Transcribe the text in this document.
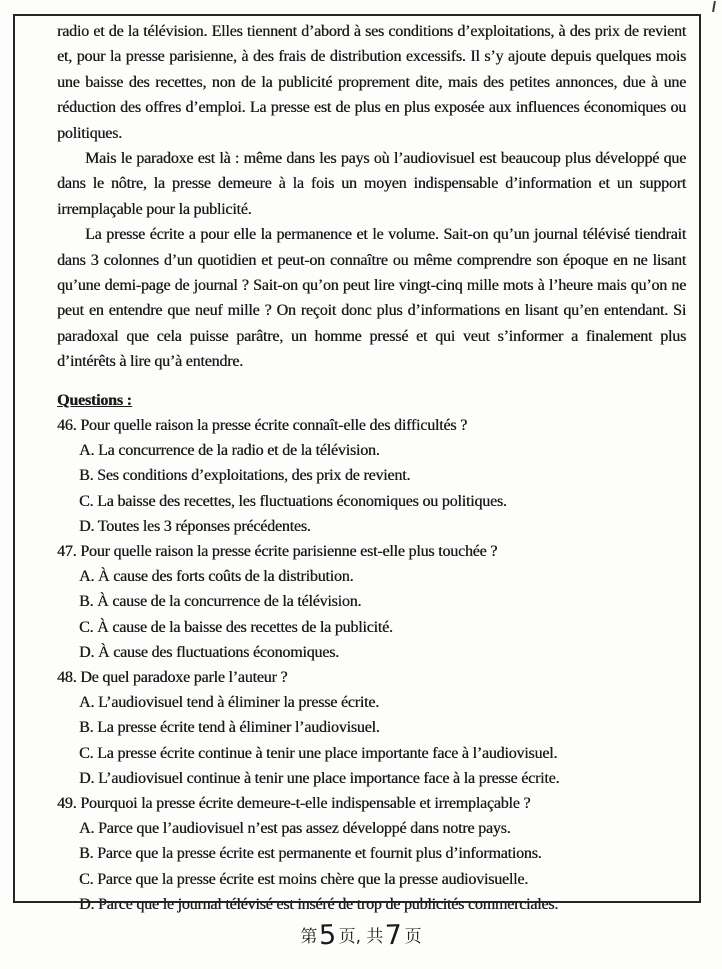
radio et de la télévision. Elles tiennent d’abord à ses conditions d’exploitations, à des prix de revient et, pour la presse parisienne, à des frais de distribution excessifs. Il s’y ajoute depuis quelques mois une baisse des recettes, non de la publicité proprement dite, mais des petites annonces, due à une réduction des offres d’emploi. La presse est de plus en plus exposée aux influences économiques ou politiques.

Mais le paradoxe est là : même dans les pays où l’audiovisuel est beaucoup plus développé que dans le nôtre, la presse demeure à la fois un moyen indispensable d’information et un support irremplaçable pour la publicité.

La presse écrite a pour elle la permanence et le volume. Sait-on qu’un journal télévisé tiendrait dans 3 colonnes d’un quotidien et peut-on connaître ou même comprendre son époque en ne lisant qu’une demi-page de journal ? Sait-on qu’on peut lire vingt-cinq mille mots à l’heure mais qu’on ne peut en entendre que neuf mille ? On reçoit donc plus d’informations en lisant qu’en entendant. Si paradoxal que cela puisse parâtre, un homme pressé et qui veut s’informer a finalement plus d’intérêts à lire qu’à entendre.

Questions :
46. Pour quelle raison la presse écrite connaît-elle des difficultés ?
A. La concurrence de la radio et de la télévision.
B. Ses conditions d’exploitations, des prix de revient.
C. La baisse des recettes, les fluctuations économiques ou politiques.
D. Toutes les 3 réponses précédentes.
47. Pour quelle raison la presse écrite parisienne est-elle plus touchée ?
A. À cause des forts coûts de la distribution.
B. À cause de la concurrence de la télévision.
C. À cause de la baisse des recettes de la publicité.
D. À cause des fluctuations économiques.
48. De quel paradoxe parle l’auteur ?
A. L’audiovisuel tend à éliminer la presse écrite.
B. La presse écrite tend à éliminer l’audiovisuel.
C. La presse écrite continue à tenir une place importante face à l’audiovisuel.
D. L’audiovisuel continue à tenir une place importance face à la presse écrite.
49. Pourquoi la presse écrite demeure-t-elle indispensable et irremplaçable ?
A. Parce que l’audiovisuel n’est pas assez développé dans notre pays.
B. Parce que la presse écrite est permanente et fournit plus d’informations.
C. Parce que la presse écrite est moins chère que la presse audiovisuelle.
D. Parce que le journal télévisé est inséré de trop de publicités commerciales.
第5页, 共7页
